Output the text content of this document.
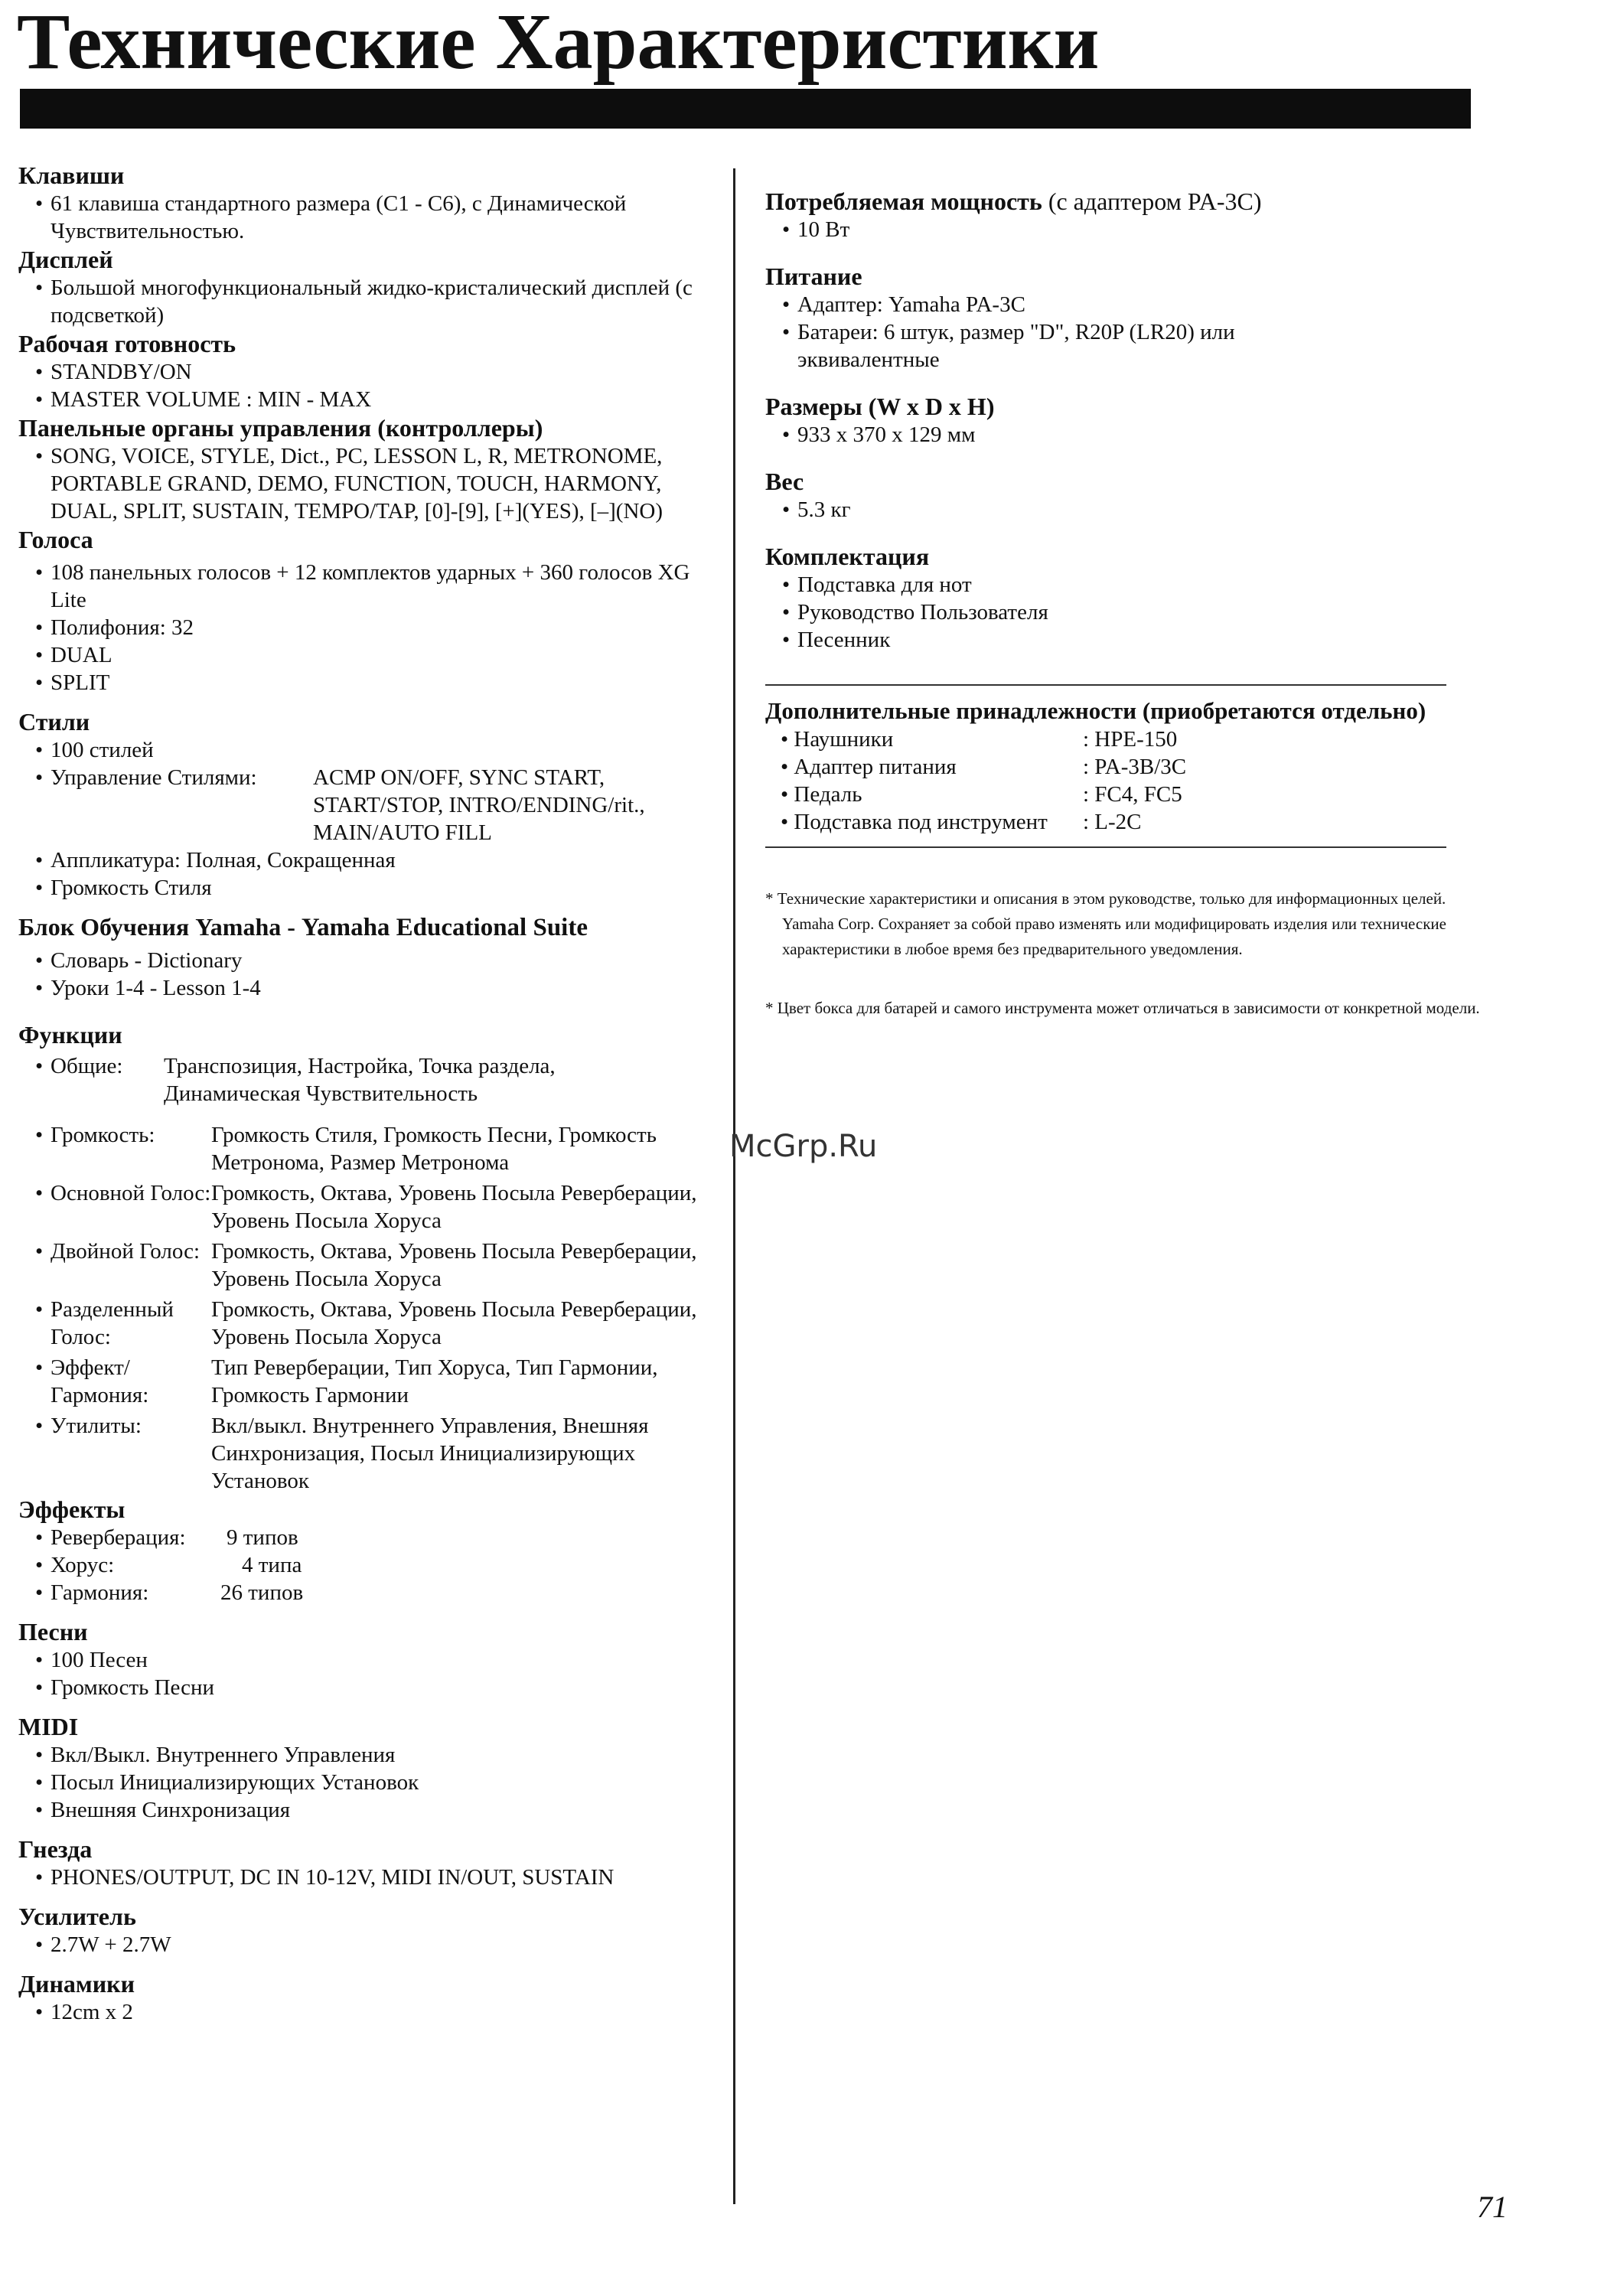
Технические Характеристики

Клавиши

• 61 клавиша стандартного размера (C1 - C6), с Динамической Чувствительностью.

Дисплей

• Большой многофункциональный жидко-кристалический дисплей (с подсветкой)

Рабочая готовность

• STANDBY/ON

• MASTER VOLUME : MIN - MAX

Панельные органы управления (контроллеры)

• SONG, VOICE, STYLE, Dict., PC, LESSON L, R, METRONOME, PORTABLE GRAND, DEMO, FUNCTION, TOUCH, HARMONY, DUAL, SPLIT, SUSTAIN, TEMPO/TAP, [0]-[9], [+](YES), [–](NO)

Голоса

• 108 панельных голосов + 12 комплектов ударных + 360 голосов XG Lite

• Полифония: 32

• DUAL

• SPLIT

Стили

• 100 стилей

• Управление Стилями:	ACMP ON/OFF, SYNC START, START/STOP, INTRO/ENDING/rit., MAIN/AUTO FILL

• Аппликатура: Полная, Сокращенная

• Громкость Стиля

Блок Обучения Yamaha - Yamaha Educational Suite

• Словарь - Dictionary

• Уроки 1-4 - Lesson 1-4

Функции

• Общие:	Транспозиция, Настройка, Точка раздела, Динамическая Чувствительность
• Громкость:	Громкость Стиля, Громкость Песни, Громкость Метронома, Размер Метронома
• Основной Голос: Громкость, Октава, Уровень Посыла Реверберации, Уровень Посыла Хоруса
• Двойной Голос: Громкость, Октава, Уровень Посыла Реверберации, Уровень Посыла Хоруса
• Разделенный Голос:
Громкость, Октава, Уровень Посыла Реверберации, Уровень Посыла Хоруса
• Эффект/ Гармония:
Тип Реверберации, Тип Хоруса, Тип Гармонии, Громкость Гармонии
• Утилиты:	Вкл/выкл. Внутреннего Управления, Внешняя Синхронизация, Посыл Инициализирующих Установок

Эффекты

• Реверберация:	9 типов
• Хорус:	4 типа
• Гармония:	26 типов

Песни

• 100 Песен

• Громкость Песни

MIDI

• Вкл/Выкл. Внутреннего Управления

• Посыл Инициализирующих Установок

• Внешняя Синхронизация

Гнезда

• PHONES/OUTPUT, DC IN 10-12V, MIDI IN/OUT, SUSTAIN

Усилитель

• 2.7W + 2.7W

Динамики

• 12cm x 2

Потребляемая мощность (с адаптером PA-3C)

• 10 Вт

Питание

• Адаптер: Yamaha PA-3C

• Батареи: 6 штук, размер "D", R20P (LR20) или эквивалентные

Размеры (W x D x H)

• 933 x 370 x 129 мм

Вес

• 5.3 кг

Комплектация

• Подставка для нот

• Руководство Пользователя

• Песенник

Дополнительные принадлежности (приобретаются отдельно)

• Наушники	: HPE-150
• Адаптер питания	: PA-3B/3C
• Педаль	: FC4, FC5
• Подставка под инструмент	: L-2C

* Технические характеристики и описания в этом руководстве, только для информационных целей. Yamaha Corp. Сохраняет за собой право изменять или модифицировать изделия или технические характеристики в любое время без предварительного уведомления.

* Цвет бокса для батарей и самого инструмента может отличаться в зависимости от конкретной модели.

McGrp.Ru
71
